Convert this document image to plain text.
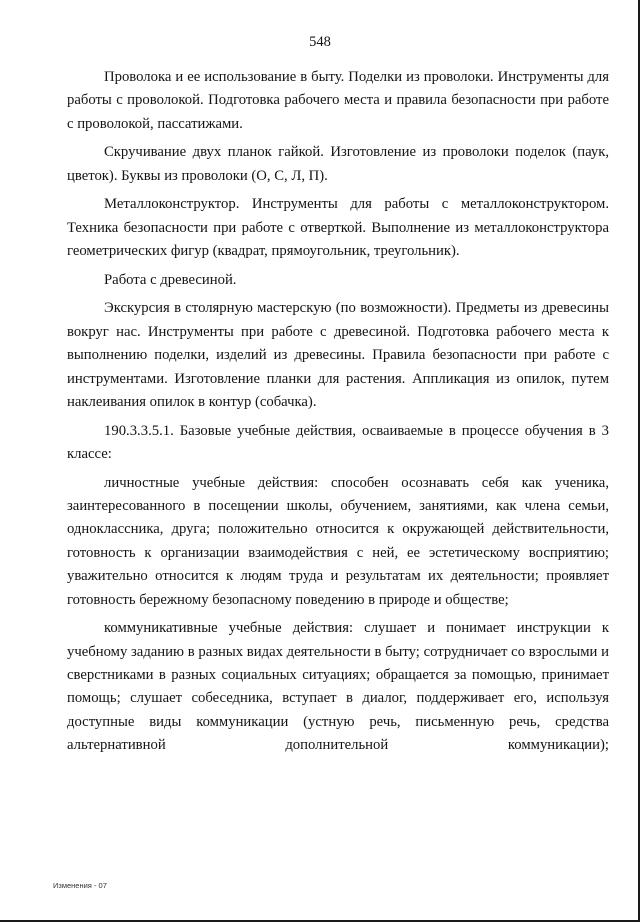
548

Проволока и ее использование в быту. Поделки из проволоки. Инструменты для работы с проволокой. Подготовка рабочего места и правила безопасности при работе с проволокой, пассатижами.

Скручивание двух планок гайкой. Изготовление из проволоки поделок (паук, цветок). Буквы из проволоки (О, С, Л, П).

Металлоконструктор. Инструменты для работы с металлоконструктором. Техника безопасности при работе с отверткой. Выполнение из металлоконструктора геометрических фигур (квадрат, прямоугольник, треугольник).

Работа с древесиной.

Экскурсия в столярную мастерскую (по возможности). Предметы из древесины вокруг нас. Инструменты при работе с древесиной. Подготовка рабочего места к выполнению поделки, изделий из древесины. Правила безопасности при работе с инструментами. Изготовление планки для растения. Аппликация из опилок, путем наклеивания опилок в контур (собачка).

190.3.3.5.1. Базовые учебные действия, осваиваемые в процессе обучения в 3 классе:

личностные учебные действия: способен осознавать себя как ученика, заинтересованного в посещении школы, обучением, занятиями, как члена семьи, одноклассника, друга; положительно относится к окружающей действительности, готовность к организации взаимодействия с ней, ее эстетическому восприятию; уважительно относится к людям труда и результатам их деятельности; проявляет готовность бережному безопасному поведению в природе и обществе;

коммуникативные учебные действия: слушает и понимает инструкции к учебному заданию в разных видах деятельности в быту; сотрудничает со взрослыми и сверстниками в разных социальных ситуациях; обращается за помощью, принимает помощь; слушает собеседника, вступает в диалог, поддерживает его, используя доступные виды коммуникации (устную речь, письменную речь, средства альтернативной дополнительной коммуникации);

Изменения - 07
